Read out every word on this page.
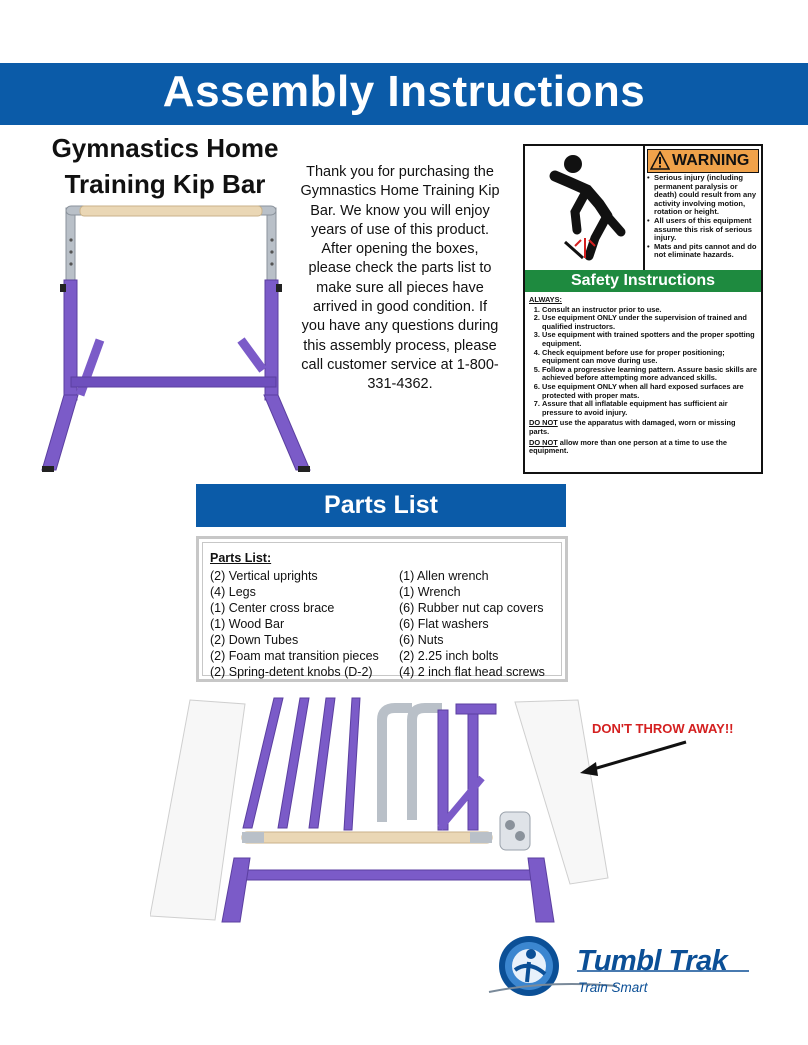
Assembly Instructions
Gymnastics Home
Training Kip Bar	Thank you for purchasing the Gymnastics Home Training Kip Bar. We know you will enjoy years of use of this product. After opening the boxes, please check the parts list to make sure all pieces have arrived in good condition. If you have any questions during this assembly process, please call customer service at 1-800-331-4362.
WARNING
• Serious injury (including permanent paralysis or death) could result from any activity involving motion, rotation or height.
• All users of this equipment assume this risk of serious injury.
• Mats and pits cannot and do not eliminate hazards.
Safety Instructions
ALWAYS:
1. Consult an instructor prior to use.
2. Use equipment ONLY under the supervision of trained and qualified instructors.
3. Use equipment with trained spotters and the proper spotting equipment.
4. Check equipment before use for proper positioning; equipment can move during use.
5. Follow a progressive learning pattern. Assure basic skills are achieved before attempting more advanced skills.
6. Use equipment ONLY when all hard exposed surfaces are protected with proper mats.
7. Assure that all inflatable equipment has sufficient air pressure to avoid injury.

DO NOT use the apparatus with damaged, worn or missing parts.

DO NOT allow more than one person at a time to use the equipment.

Parts List
Parts List:
(2) Vertical uprights
(4) Legs
(1) Center cross brace
(1) Wood Bar
(2) Down Tubes
(2) Foam mat transition pieces
(2) Spring-detent knobs (D-2)
(1) Allen wrench
(1) Wrench
(6) Rubber nut cap covers
(6) Flat washers
(6) Nuts
(2) 2.25 inch bolts
(4) 2 inch flat head screws
DON'T THROW AWAY!!
Tumbl Trak
Train Smart
